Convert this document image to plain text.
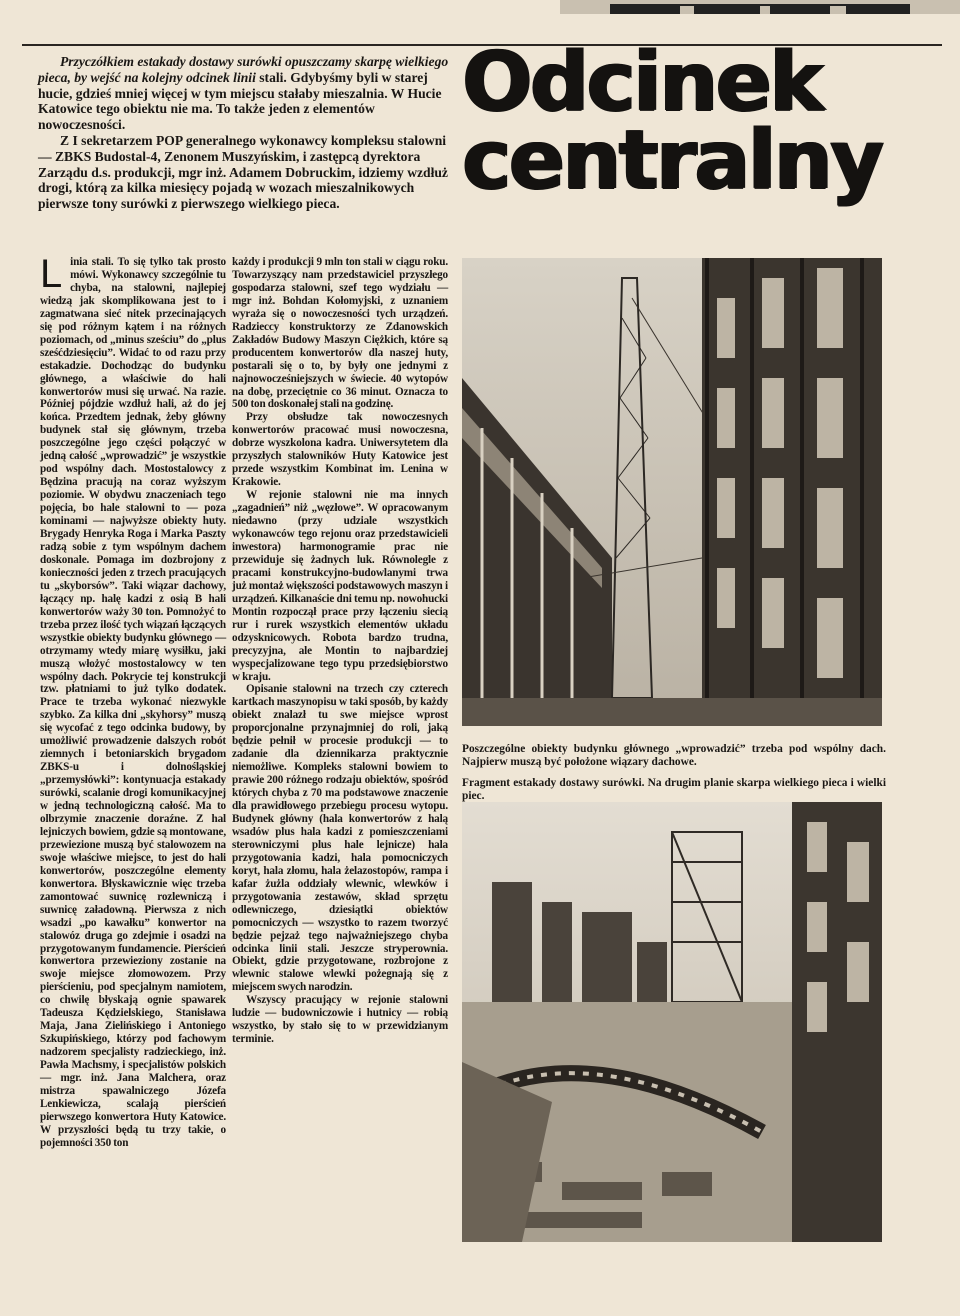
Przyczółkiem estakady dostawy surówki opuszczamy skarpę wielkiego pieca, by wejść na kolejny odcinek linii stali. Gdybyśmy byli w starej hucie, gdzieś mniej więcej w tym miejscu stałaby mieszalnia. W Hucie Katowice tego obiektu nie ma. To także jeden z elementów nowoczesności.

Z I sekretarzem POP generalnego wykonawcy kompleksu stalowni — ZBKS Budostal-4, Zenonem Muszyńskim, i zastępcą dyrektora Zarządu d.s. produkcji, mgr inż. Adamem Dobruckim, idziemy wzdłuż drogi, którą za kilka miesięcy pojadą w wozach mieszalnikowych pierwsze tony surówki z pierwszego wielkiego pieca.

Odcinek
centralny

Linia stali. To się tylko tak prosto mówi. Wykonawcy szczególnie tu chyba, na stalowni, najlepiej wiedzą jak skomplikowana jest to i zagmatwana sieć nitek przecinających się pod różnym kątem i na różnych poziomach, od „minus sześciu” do „plus sześćdziesięciu”. Widać to od razu przy estakadzie. Dochodząc do budynku głównego, a właściwie do hali konwertorów musi się urwać. Na razie. Później pójdzie wzdłuż hali, aż do jej końca. Przedtem jednak, żeby główny budynek stał się głównym, trzeba poszczególne jego części połączyć w jedną całość „wprowadzić” je wszystkie pod wspólny dach. Mostostalowcy z Będzina pracują na coraz wyższym poziomie. W obydwu znaczeniach tego pojęcia, bo hale stalowni to — poza kominami — najwyższe obiekty huty. Brygady Henryka Roga i Marka Paszty radzą sobie z tym wspólnym dachem doskonale. Pomaga im dozbrojony z konieczności jeden z trzech pracujących tu „skyborsów”. Taki wiązar dachowy, łączący np. halę kadzi z osią B hali konwertorów waży 30 ton. Pomnożyć to trzeba przez ilość tych wiązań łączących wszystkie obiekty budynku głównego — otrzymamy wtedy miarę wysiłku, jaki muszą włożyć mostostalowcy w ten wspólny dach. Pokrycie tej konstrukcji tzw. płatniami to już tylko dodatek. Prace te trzeba wykonać niezwykle szybko. Za kilka dni „skyhorsy” muszą się wycofać z tego odcinka budowy, by umożliwić prowadzenie dalszych robót ziemnych i betoniarskich brygadom ZBKS-u i dolnośląskiej „przemysłówki”: kontynuacja estakady surówki, scalanie drogi komunikacyjnej w jedną technologiczną całość. Ma to olbrzymie znaczenie doraźne. Z hal lejniczych bowiem, gdzie są montowane, przewiezione muszą być stalowozem na swoje właściwe miejsce, to jest do hali konwertorów, poszczególne elementy konwertora. Błyskawicznie więc trzeba zamontować suwnicę rozlewniczą i suwnicę załadowną. Pierwsza z nich wsadzi „po kawałku” konwertor na stalowóz druga go zdejmie i osadzi na przygotowanym fundamencie. Pierścień konwertora przewieziony zostanie na swoje miejsce złomowozem. Przy pierścieniu, pod specjalnym namiotem, co chwilę błyskają ognie spawarek Tadeusza Kędzielskiego, Stanisława Maja, Jana Zielińskiego i Antoniego Szkupińskiego, którzy pod fachowym nadzorem specjalisty radzieckiego, inż. Pawła Machsmy, i specjalistów polskich — mgr. inż. Jana Malchera, oraz mistrza spawalniczego Józefa Lenkiewicza, scalają pierścień pierwszego konwertora Huty Katowice. W przyszłości będą tu trzy takie, o pojemności 350 ton

każdy i produkcji 9 mln ton stali w ciągu roku. Towarzyszący nam przedstawiciel przyszłego gospodarza stalowni, szef tego wydziału — mgr inż. Bohdan Kołomyjski, z uznaniem wyraża się o nowoczesności tych urządzeń. Radzieccy konstruktorzy ze Zdanowskich Zakładów Budowy Maszyn Ciężkich, które są producentem konwertorów dla naszej huty, postarali się o to, by były one jednymi z najnowocześniejszych w świecie. 40 wytopów na dobę, przeciętnie co 36 minut. Oznacza to 500 ton doskonałej stali na godzinę.

Przy obsłudze tak nowoczesnych konwertorów pracować musi nowoczesna, dobrze wyszkolona kadra. Uniwersytetem dla przyszłych stalowników Huty Katowice jest przede wszystkim Kombinat im. Lenina w Krakowie.

W rejonie stalowni nie ma innych „zagadnień” niż „węzłowe”. W opracowanym niedawno (przy udziale wszystkich wykonawców tego rejonu oraz przedstawicieli inwestora) harmonogramie prac nie przewiduje się żadnych luk. Równolegle z pracami konstrukcyjno-budowlanymi trwa już montaż większości podstawowych maszyn i urządzeń. Kilkanaście dni temu np. nowohucki Montin rozpoczął prace przy łączeniu siecią rur i rurek wszystkich elementów układu odzysknicowych. Robota bardzo trudna, precyzyjna, ale Montin to najbardziej wyspecjalizowane tego typu przedsiębiorstwo w kraju.

Opisanie stalowni na trzech czy czterech kartkach maszynopisu w taki sposób, by każdy obiekt znalazł tu swe miejsce wprost proporcjonalne przynajmniej do roli, jaką będzie pełnił w procesie produkcji — to zadanie dla dziennikarza praktycznie niemożliwe. Kompleks stalowni bowiem to prawie 200 różnego rodzaju obiektów, spośród których chyba z 70 ma podstawowe znaczenie dla prawidłowego przebiegu procesu wytopu. Budynek główny (hala konwertorów z halą wsadów plus hala kadzi z pomieszczeniami sterowniczymi plus hale lejnicze) hala przygotowania kadzi, hala pomocniczych koryt, hala złomu, hala żelazostopów, rampa i kafar żużla oddziały wlewnic, wlewków i przygotowania zestawów, skład sprzętu odlewniczego, dziesiątki obiektów pomocniczych — wszystko to razem tworzyć będzie pejzaż tego najważniejszego chyba odcinka linii stali. Jeszcze stryperownia. Obiekt, gdzie przygotowane, rozbrojone z wlewnic stalowe wlewki pożegnają się z miejscem swych narodzin.

Wszyscy pracujący w rejonie stalowni ludzie — budowniczowie i hutnicy — robią wszystko, by stało się to w przewidzianym terminie.

Poszczególne obiekty budynku głównego „wprowadzić” trzeba pod wspólny dach. Najpierw muszą być położone wiązary dachowe.

Fragment estakady dostawy surówki. Na drugim planie skarpa wielkiego pieca i wielki piec.
